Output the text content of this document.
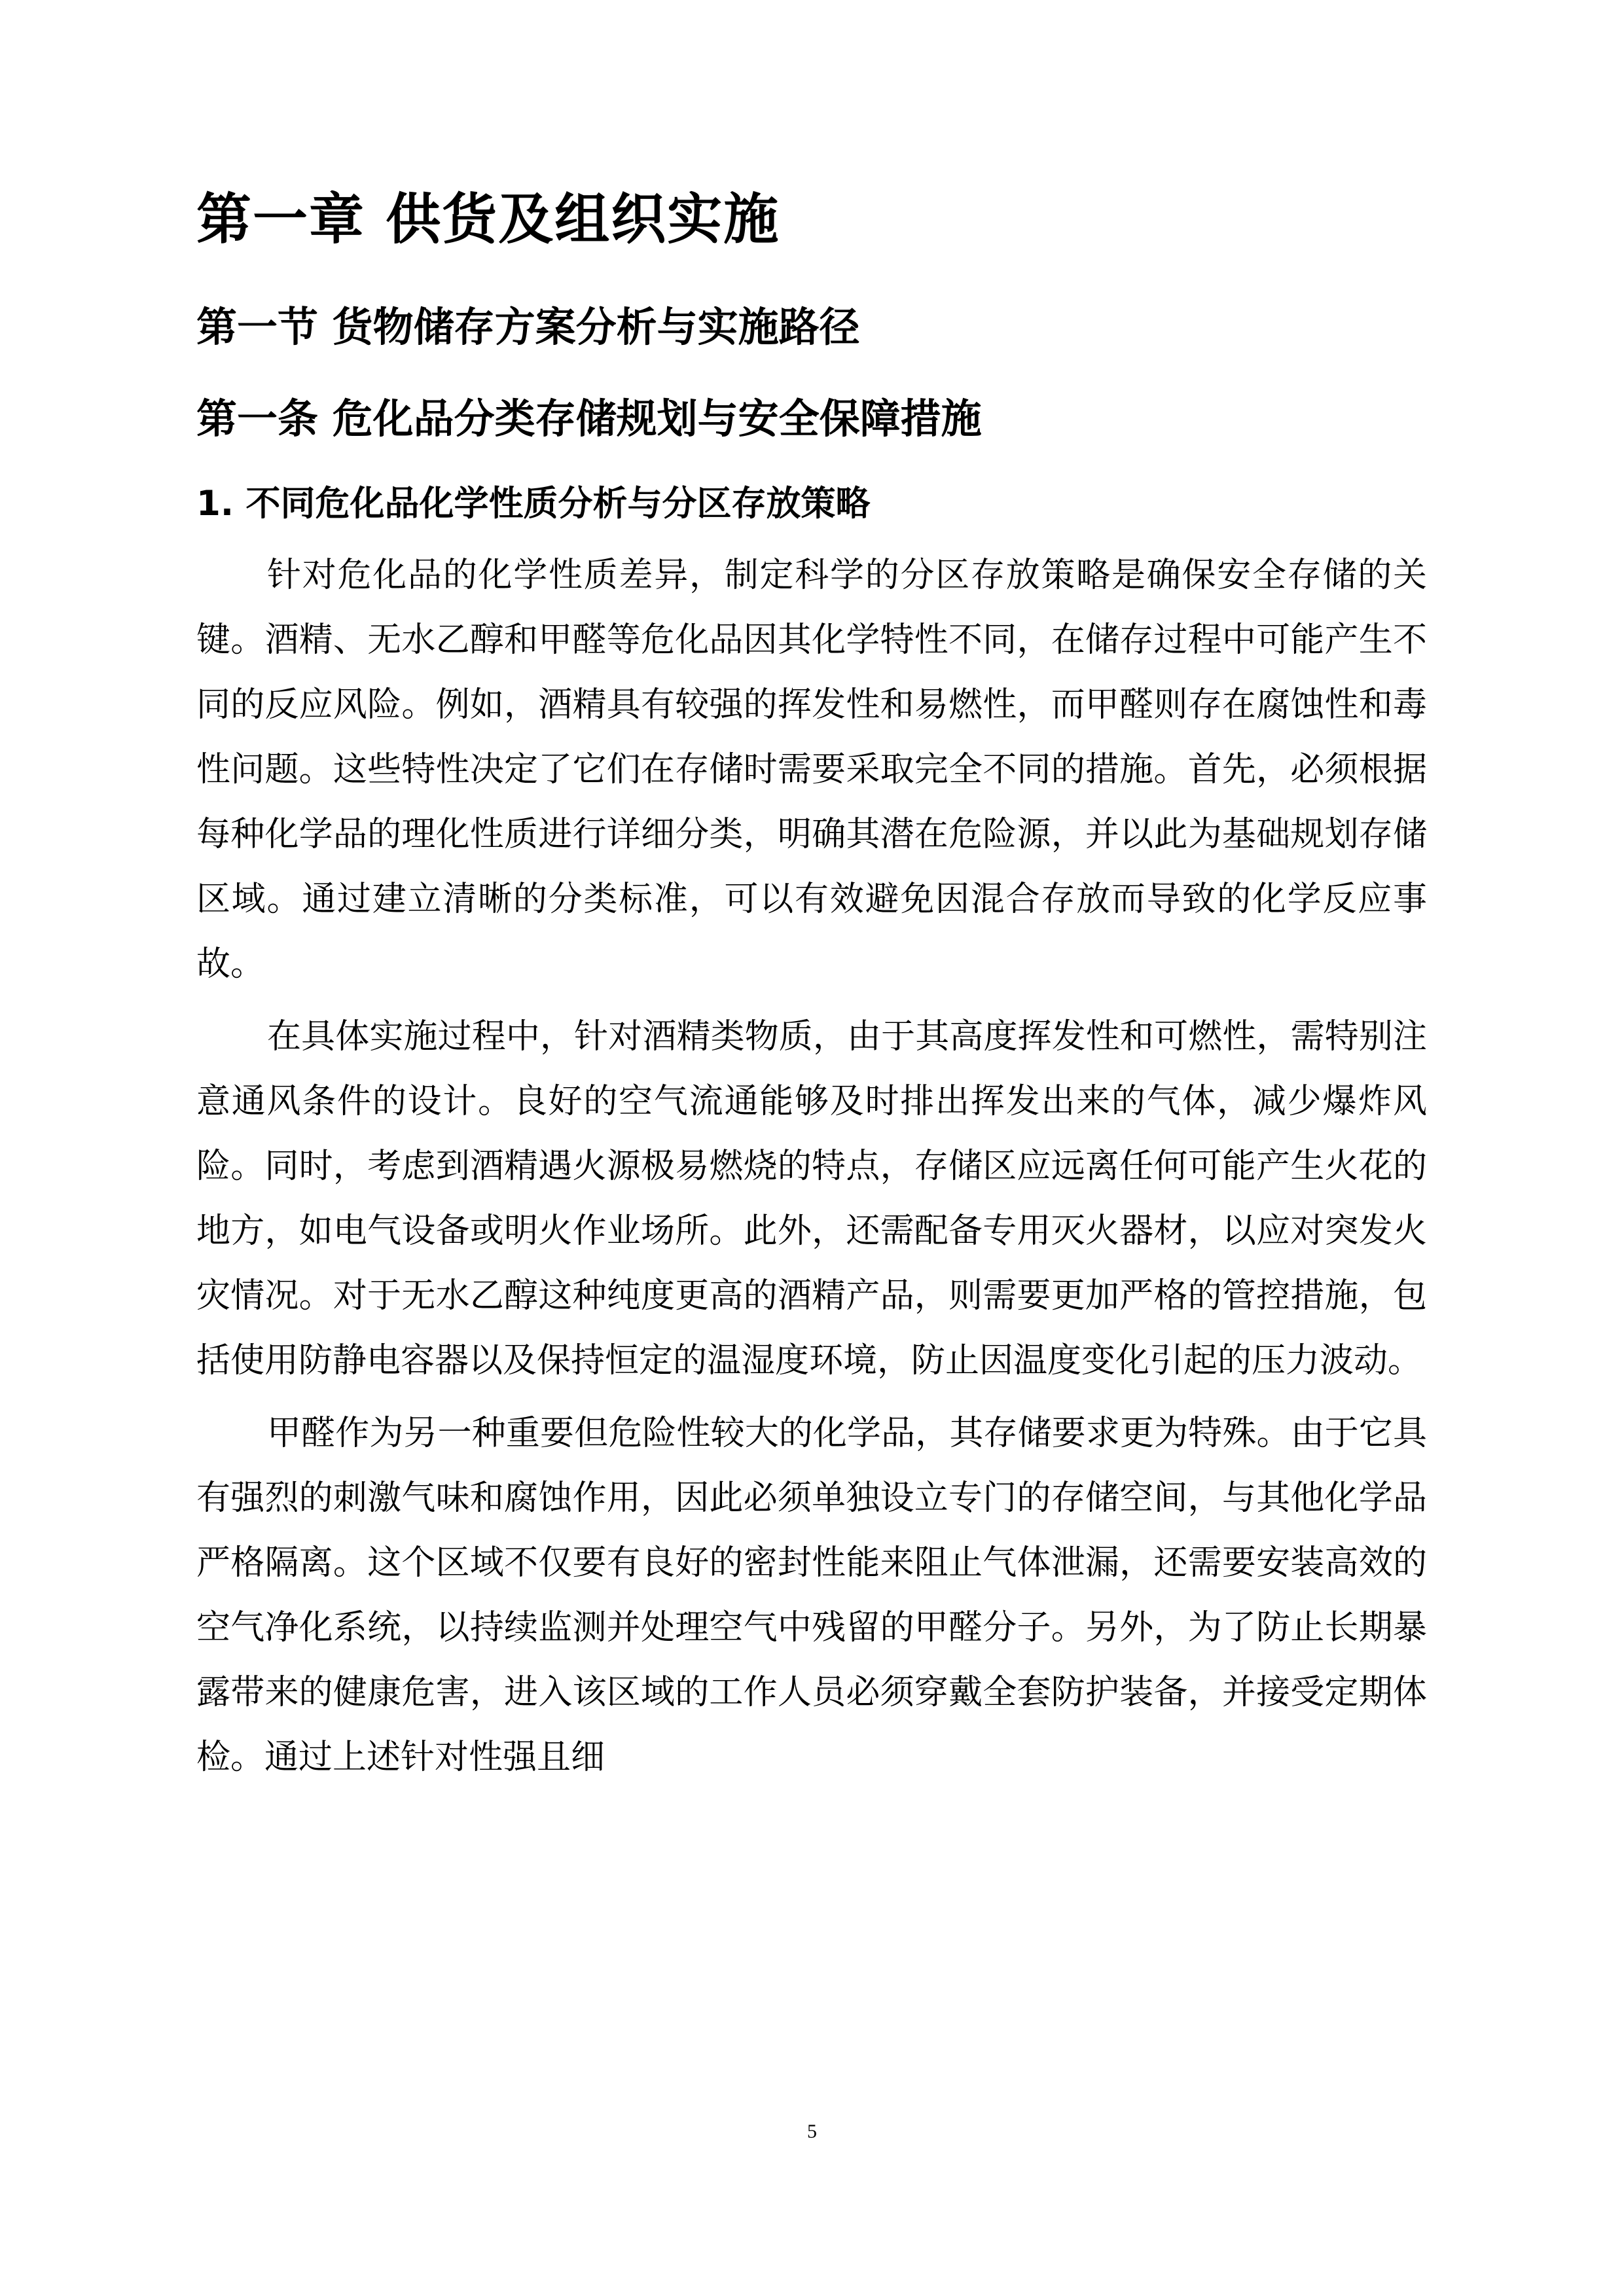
第一章 供货及组织实施
第一节 货物储存方案分析与实施路径
第一条 危化品分类存储规划与安全保障措施
1. 不同危化品化学性质分析与分区存放策略

针对危化品的化学性质差异，制定科学的分区存放策略是确保安全存储的关键。酒精、无水乙醇和甲醛等危化品因其化学特性不同，在储存过程中可能产生不同的反应风险。例如，酒精具有较强的挥发性和易燃性，而甲醛则存在腐蚀性和毒性问题。这些特性决定了它们在存储时需要采取完全不同的措施。首先，必须根据每种化学品的理化性质进行详细分类，明确其潜在危险源，并以此为基础规划存储区域。通过建立清晰的分类标准，可以有效避免因混合存放而导致的化学反应事故。

在具体实施过程中，针对酒精类物质，由于其高度挥发性和可燃性，需特别注意通风条件的设计。良好的空气流通能够及时排出挥发出来的气体，减少爆炸风险。同时，考虑到酒精遇火源极易燃烧的特点，存储区应远离任何可能产生火花的地方，如电气设备或明火作业场所。此外，还需配备专用灭火器材，以应对突发火灾情况。对于无水乙醇这种纯度更高的酒精产品，则需要更加严格的管控措施，包括使用防静电容器以及保持恒定的温湿度环境，防止因温度变化引起的压力波动。

甲醛作为另一种重要但危险性较大的化学品，其存储要求更为特殊。由于它具有强烈的刺激气味和腐蚀作用，因此必须单独设立专门的存储空间，与其他化学品严格隔离。这个区域不仅要有良好的密封性能来阻止气体泄漏，还需要安装高效的空气净化系统，以持续监测并处理空气中残留的甲醛分子。另外，为了防止长期暴露带来的健康危害，进入该区域的工作人员必须穿戴全套防护装备，并接受定期体检。通过上述针对性强且细

5
